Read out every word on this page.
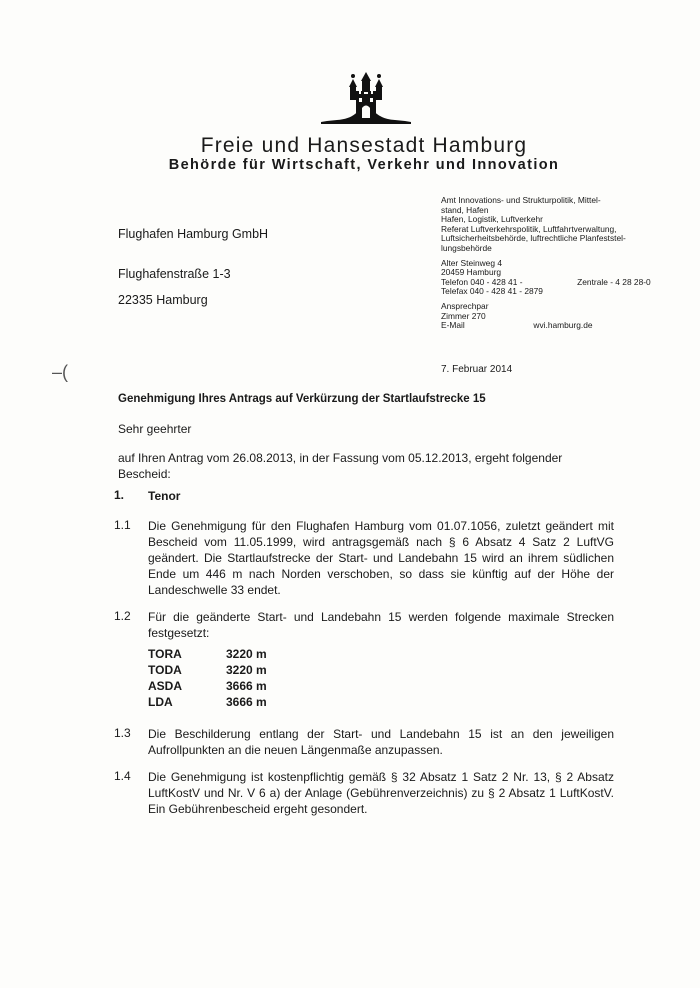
Freie und Hansestadt Hamburg
Behörde für Wirtschaft, Verkehr und Innovation
Flughafen Hamburg GmbH
Flughafenstraße 1-3
22335 Hamburg
Amt Innovations- und Strukturpolitik, Mittel-
stand, Hafen
Hafen, Logistik, Luftverkehr
Referat Luftverkehrspolitik, Luftfahrtverwaltung,
Luftsicherheitsbehörde, luftrechtliche Planfeststel-
lungsbehörde
Alter Steinweg 4
20459 Hamburg
Telefon 040 - 428 41 -	Zentrale - 4 28 28-0
Telefax 040 - 428 41 - 2879
Ansprechpar
Zimmer 270
E-Mail	wvi.hamburg.de
‒(	7. Februar 2014
Genehmigung Ihres Antrags auf Verkürzung der Startlaufstrecke 15
Sehr geehrter
auf Ihren Antrag vom 26.08.2013, in der Fassung vom 05.12.2013, ergeht folgender Bescheid:
1. Tenor
1.1 Die Genehmigung für den Flughafen Hamburg vom 01.07.1056, zuletzt geändert mit Bescheid vom 11.05.1999, wird antragsgemäß nach § 6 Absatz 4 Satz 2 LuftVG geändert. Die Startlaufstrecke der Start- und Landebahn 15 wird an ihrem südlichen Ende um 446 m nach Norden verschoben, so dass sie künftig auf der Höhe der Landeschwelle 33 endet.
1.2 Für die geänderte Start- und Landebahn 15 werden folgende maximale Strecken festgesetzt:
TORA	3220 m
TODA	3220 m
ASDA	3666 m
LDA	3666 m
1.3 Die Beschilderung entlang der Start- und Landebahn 15 ist an den jeweiligen Aufrollpunkten an die neuen Längenmaße anzupassen.
1.4 Die Genehmigung ist kostenpflichtig gemäß § 32 Absatz 1 Satz 2 Nr. 13, § 2 Absatz LuftKostV und Nr. V 6 a) der Anlage (Gebührenverzeichnis) zu § 2 Absatz 1 LuftKostV. Ein Gebührenbescheid ergeht gesondert.
